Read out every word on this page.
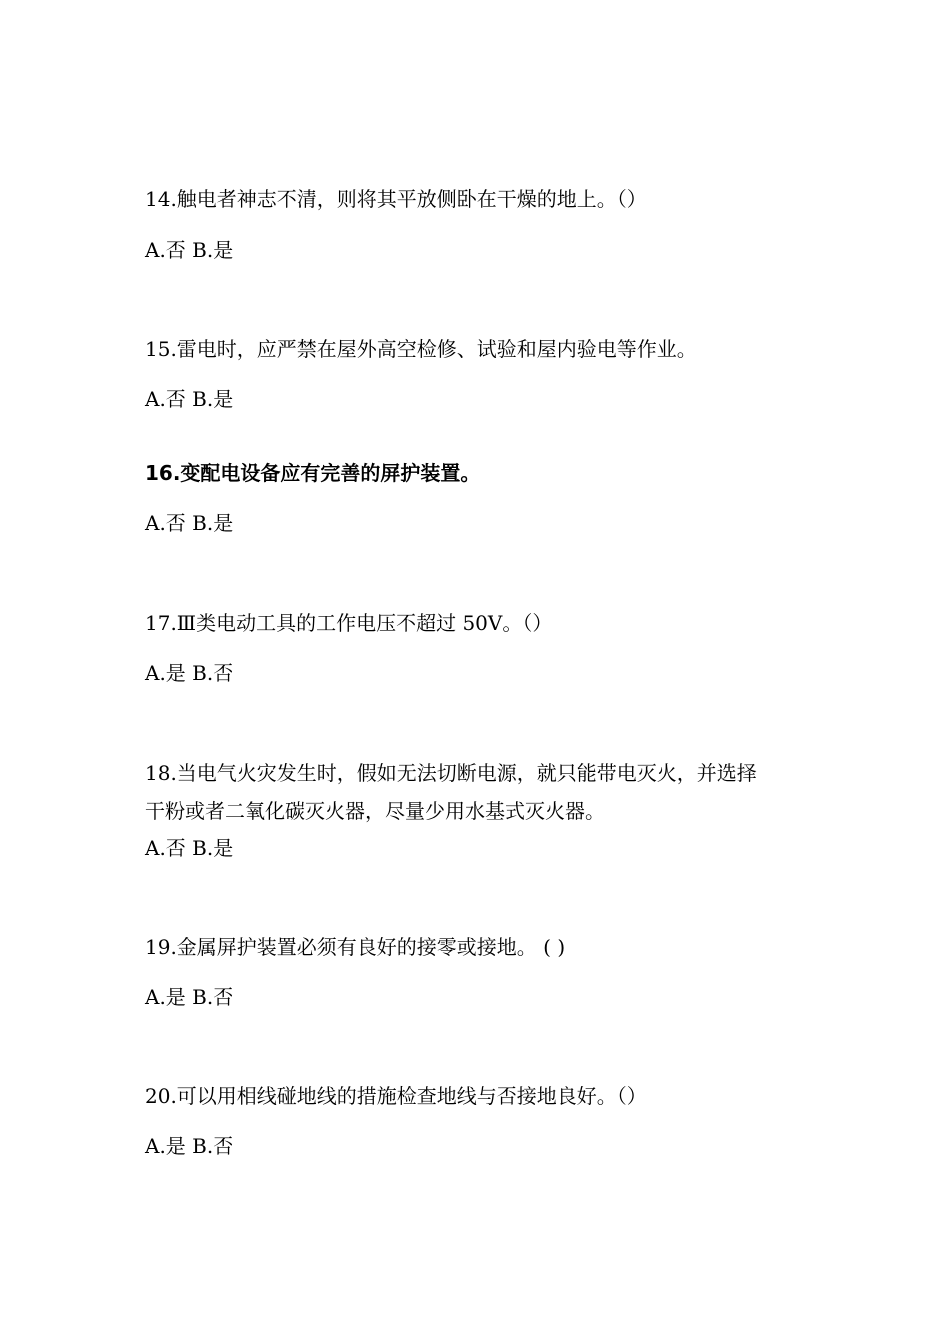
14.触电者神志不清，则将其平放侧卧在干燥的地上。（）
A.否 B.是
15.雷电时，应严禁在屋外高空检修、试验和屋内验电等作业。
A.否 B.是
16.变配电设备应有完善的屏护装置。
A.否 B.是
17.Ⅲ类电动工具的工作电压不超过 50V。（）
A.是 B.否
18.当电气火灾发生时，假如无法切断电源，就只能带电灭火，并选择
干粉或者二氧化碳灭火器，尽量少用水基式灭火器。
A.否 B.是
19.金属屏护装置必须有良好的接零或接地。 ( )
A.是 B.否
20.可以用相线碰地线的措施检查地线与否接地良好。（）
A.是 B.否
